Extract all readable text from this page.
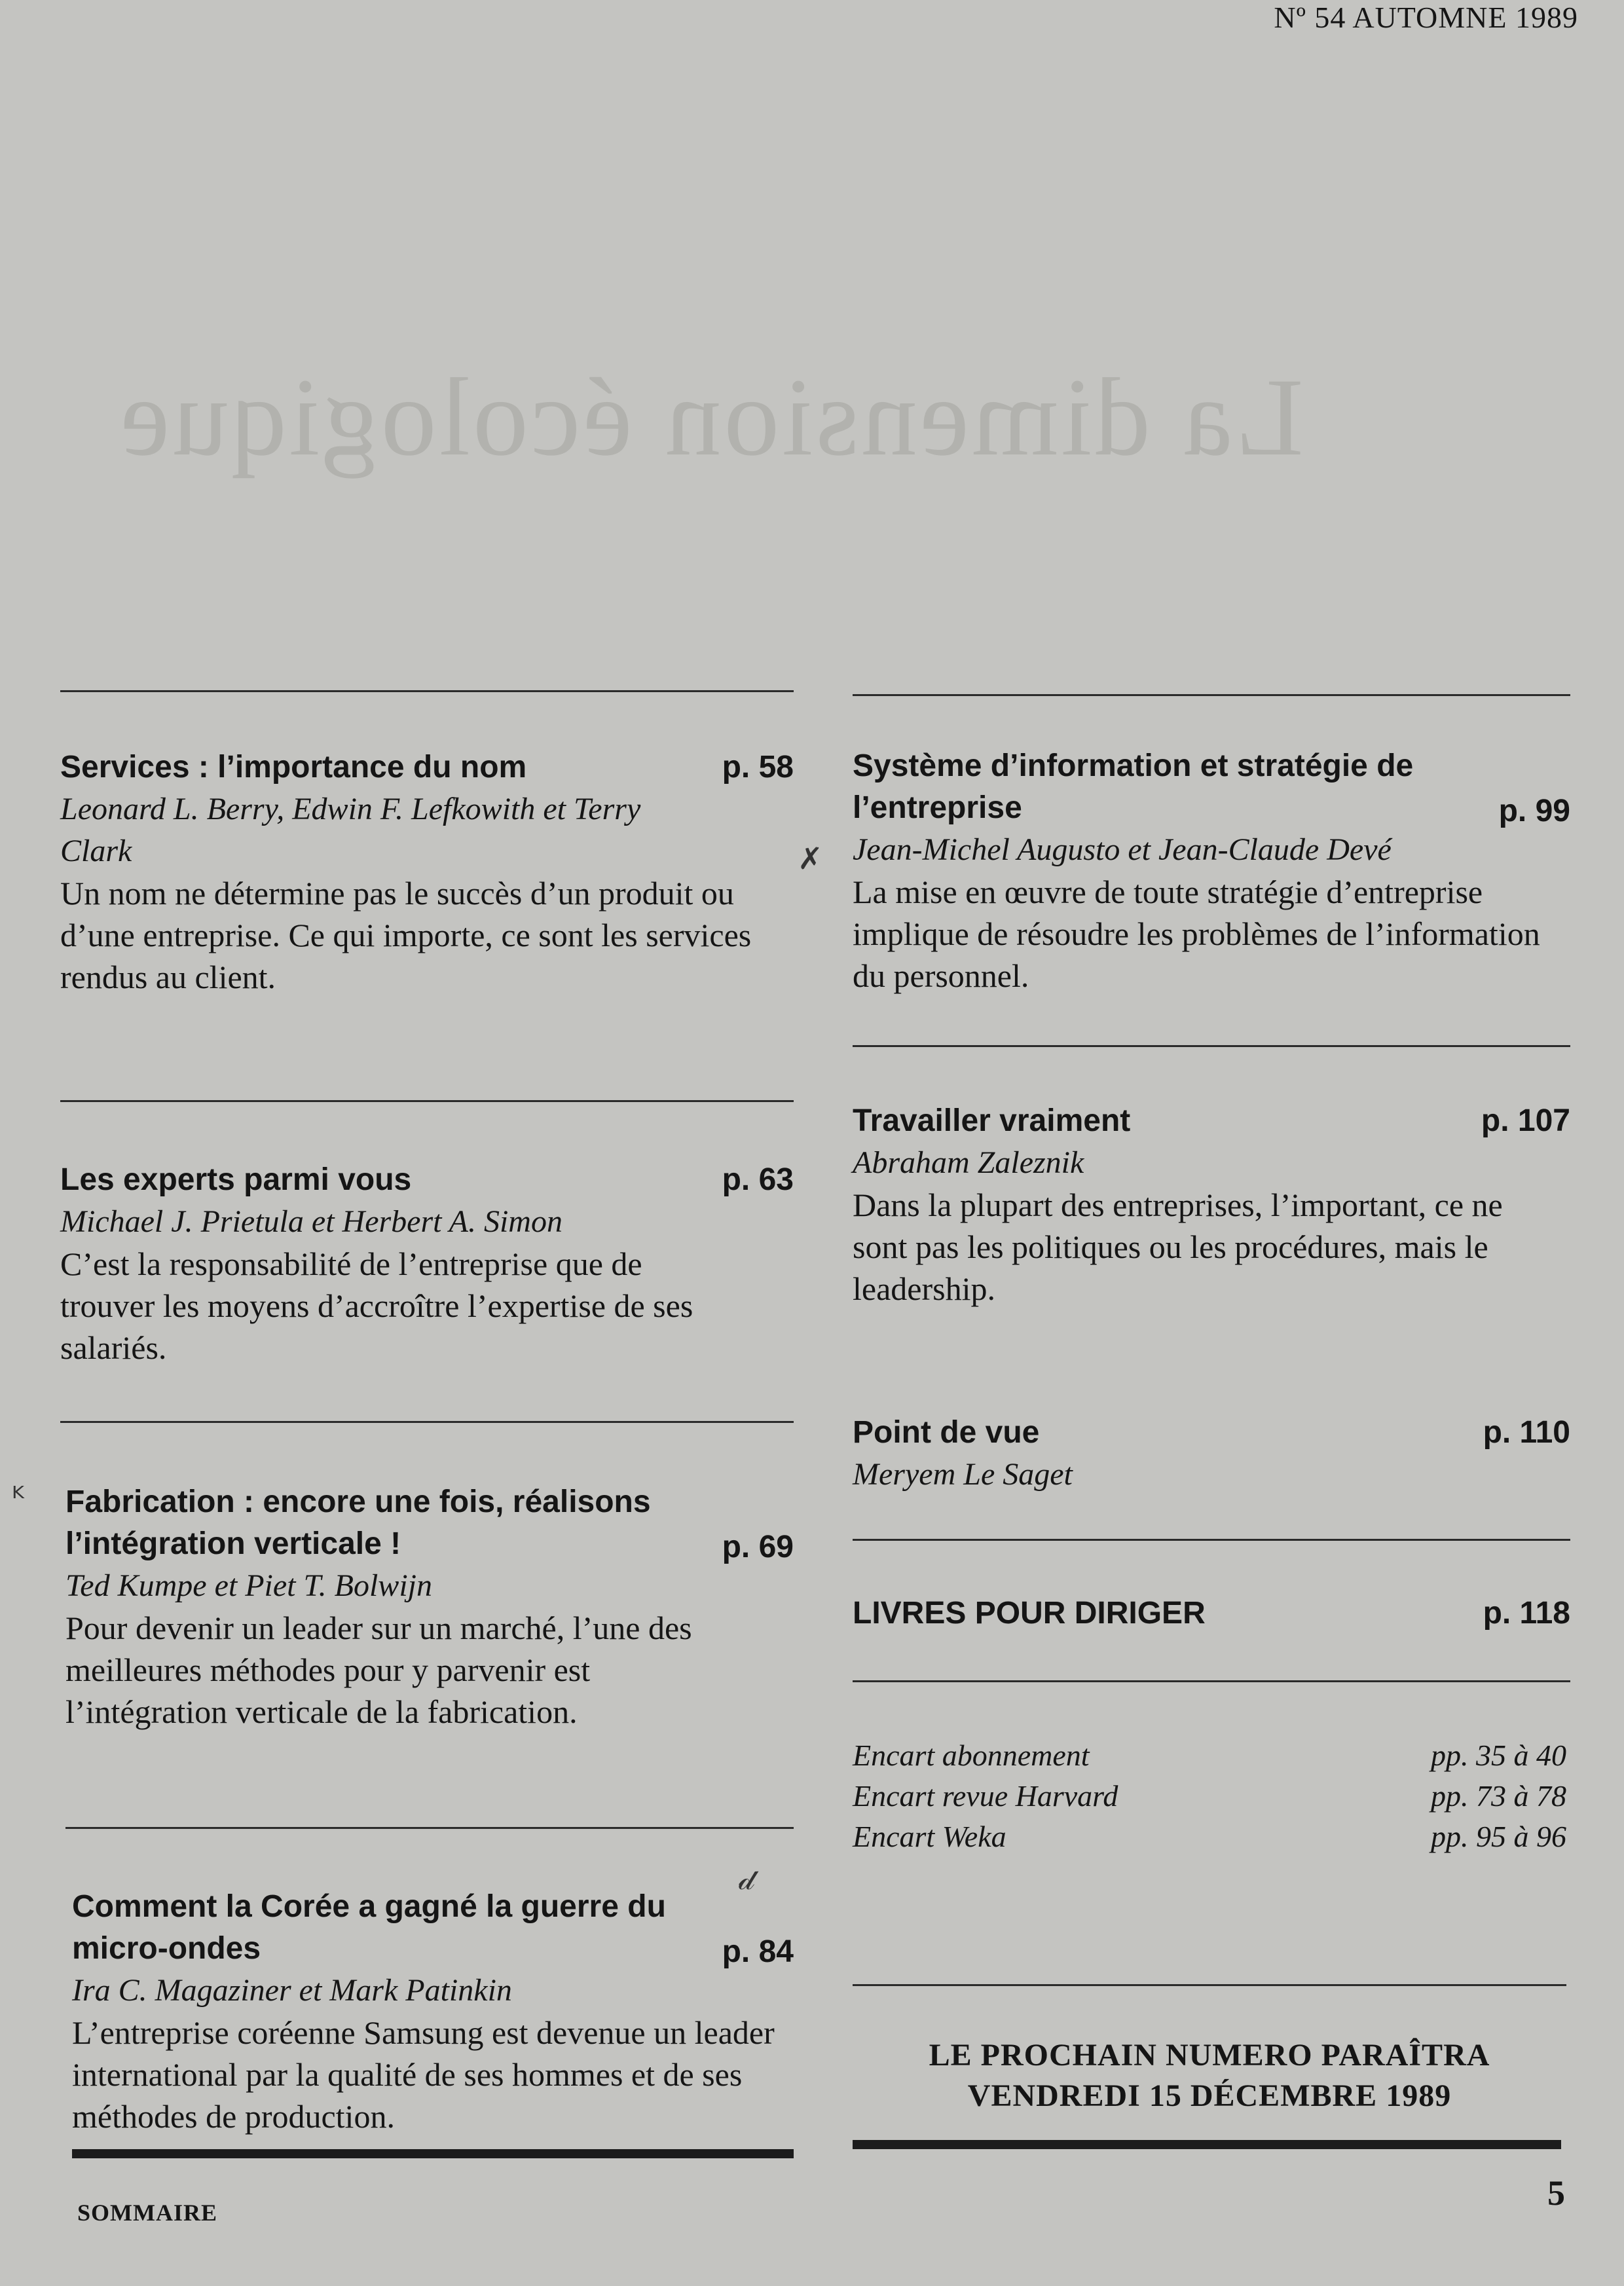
La dimension écologique
Nº 54 AUTOMNE 1989
Services : l’importance du nom	p. 58
Leonard L. Berry, Edwin F. Lefkowith et Terry Clark
Un nom ne détermine pas le succès d’un produit ou d’une entreprise. Ce qui importe, ce sont les services rendus au client.
Les experts parmi vous	p. 63
Michael J. Prietula et Herbert A. Simon
C’est la responsabilité de l’entreprise que de trouver les moyens d’accroître l’expertise de ses salariés.
ᴷ Fabrication : encore une fois, réalisons l’intégration verticale !	p. 69
Ted Kumpe et Piet T. Bolwijn
Pour devenir un leader sur un marché, l’une des meilleures méthodes pour y parvenir est l’intégration verticale de la fabrication.
𝒹
Comment la Corée a gagné la guerre du micro-ondes	p. 84
Ira C. Magaziner et Mark Patinkin
L’entreprise coréenne Samsung est devenue un leader international par la qualité de ses hommes et de ses méthodes de production.
✗
Système d’information et stratégie de l’entreprise	p. 99
Jean-Michel Augusto et Jean-Claude Devé
La mise en œuvre de toute stratégie d’entreprise implique de résoudre les problèmes de l’information du personnel.
Travailler vraiment	p. 107
Abraham Zaleznik
Dans la plupart des entreprises, l’important, ce ne sont pas les politiques ou les procédures, mais le leadership.
Point de vue	p. 110
Meryem Le Saget
LIVRES POUR DIRIGER	p. 118
Encart abonnement	pp. 35 à 40
Encart revue Harvard	pp. 73 à 78
Encart Weka	pp. 95 à 96
LE PROCHAIN NUMERO PARAÎTRA
VENDREDI 15 DÉCEMBRE 1989
SOMMAIRE	5
